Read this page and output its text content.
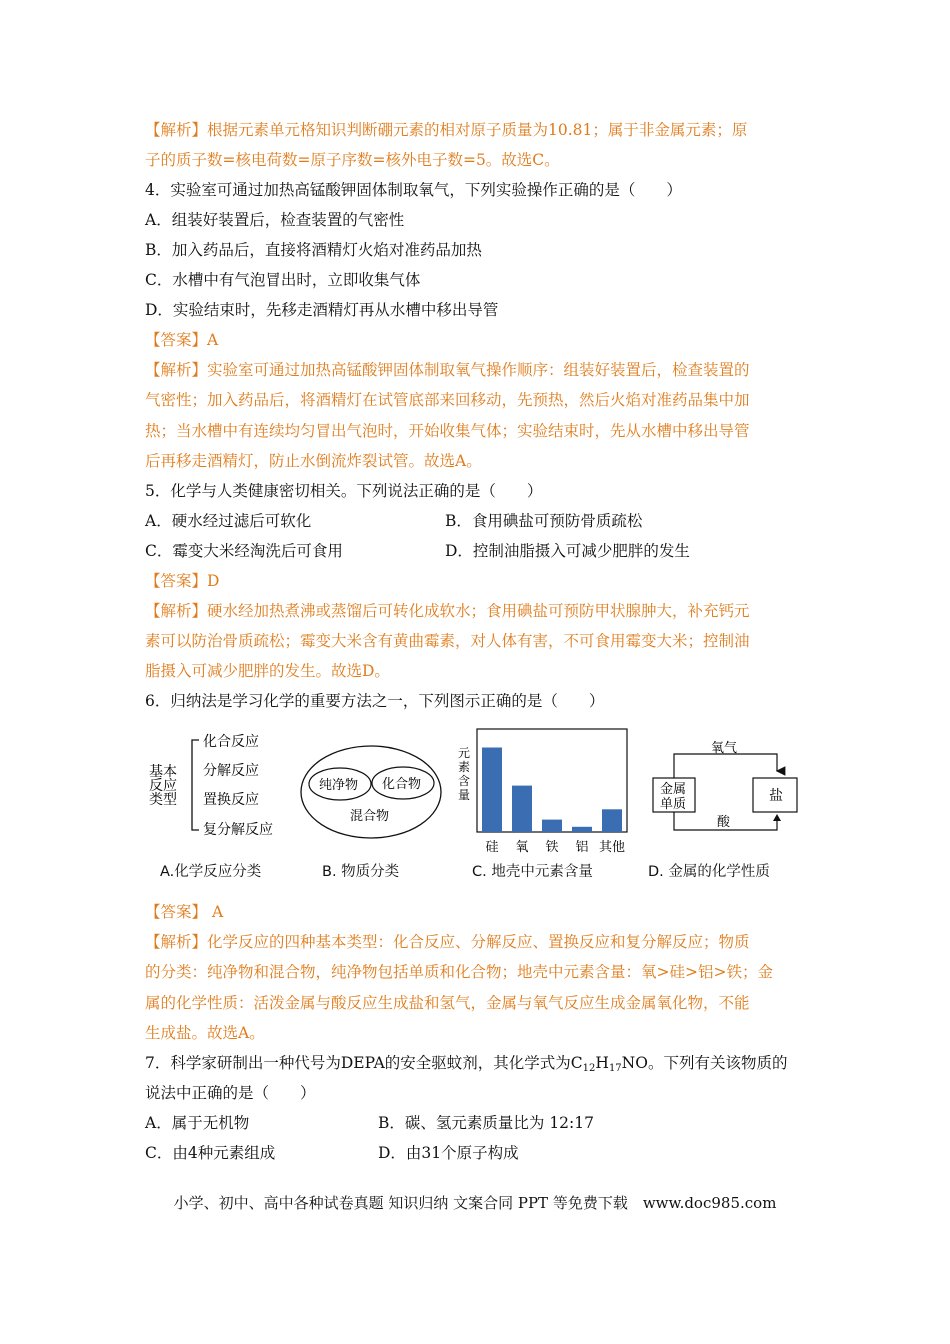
【解析】根据元素单元格知识判断硼元素的相对原子质量为10.81；属于非金属元素；原
子的质子数=核电荷数=原子序数=核外电子数=5。故选C。
4．实验室可通过加热高锰酸钾固体制取氧气，下列实验操作正确的是（　　）
A．组装好装置后，检查装置的气密性
B．加入药品后，直接将酒精灯火焰对准药品加热
C．水槽中有气泡冒出时，立即收集气体
D．实验结束时，先移走酒精灯再从水槽中移出导管
【答案】A
【解析】实验室可通过加热高锰酸钾固体制取氧气操作顺序：组装好装置后，检查装置的
气密性；加入药品后，将酒精灯在试管底部来回移动，先预热，然后火焰对准药品集中加
热；当水槽中有连续均匀冒出气泡时，开始收集气体；实验结束时，先从水槽中移出导管
后再移走酒精灯，防止水倒流炸裂试管。故选A。
5．化学与人类健康密切相关。下列说法正确的是（　　）
A．硬水经过滤后可软化	B．食用碘盐可预防骨质疏松
C．霉变大米经淘洗后可食用	D．控制油脂摄入可减少肥胖的发生
【答案】D
【解析】硬水经加热煮沸或蒸馏后可转化成软水；食用碘盐可预防甲状腺肿大，补充钙元
素可以防治骨质疏松；霉变大米含有黄曲霉素，对人体有害，不可食用霉变大米；控制油
脂摄入可减少肥胖的发生。故选D。
6．归纳法是学习化学的重要方法之一，下列图示正确的是（　　）
基本
反应
类型
化合反应
分解反应
置换反应
复分解反应
A.化学反应分类
纯净物 化合物
混合物
B. 物质分类
元
素
含
量
硅 氧 铁 铝 其他
C. 地壳中元素含量
氧气
金属
单质
盐
酸
D. 金属的化学性质
【答案】 A
【解析】化学反应的四种基本类型：化合反应、分解反应、置换反应和复分解反应；物质
的分类：纯净物和混合物，纯净物包括单质和化合物；地壳中元素含量：氧>硅>铝>铁；金
属的化学性质：活泼金属与酸反应生成盐和氢气，金属与氧气反应生成金属氧化物，不能
生成盐。故选A。
7．科学家研制出一种代号为DEPA的安全驱蚊剂，其化学式为$C_{12}H_{17}NO$。下列有关该物质的
说法中正确的是（　　）
A．属于无机物	B．碳、氢元素质量比为 12:17
C．由4种元素组成	D．由31个原子构成
小学、初中、高中各种试卷真题 知识归纳 文案合同 PPT 等免费下载　www.doc985.com
